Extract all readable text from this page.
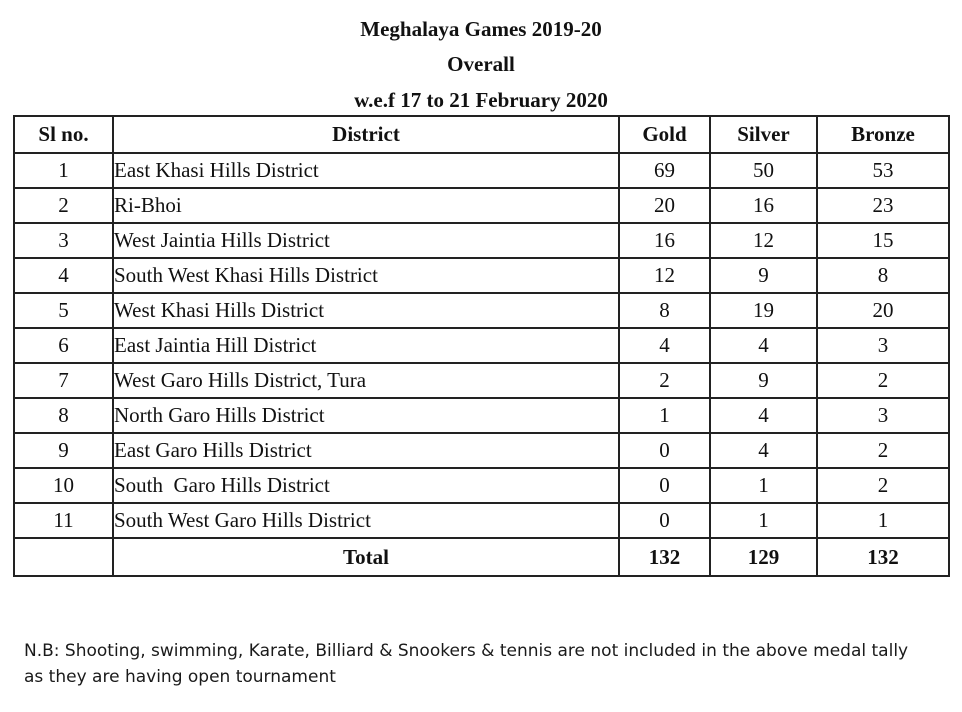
Meghalaya Games 2019-20
Overall
w.e.f 17 to 21 February 2020
Sl no.	District	Gold	Silver	Bronze
1	East Khasi Hills District	69	50	53
2	Ri-Bhoi	20	16	23
3	West Jaintia Hills District	16	12	15
4	South West Khasi Hills District	12	9	8
5	West Khasi Hills District	8	19	20
6	East Jaintia Hill District	4	4	3
7	West Garo Hills District, Tura	2	9	2
8	North Garo Hills District	1	4	3
9	East Garo Hills District	0	4	2
10	South  Garo Hills District	0	1	2
11	South West Garo Hills District	0	1	1
	Total	132	129	132
N.B: Shooting, swimming, Karate, Billiard & Snookers & tennis are not included in the above medal tally
as they are having open tournament
